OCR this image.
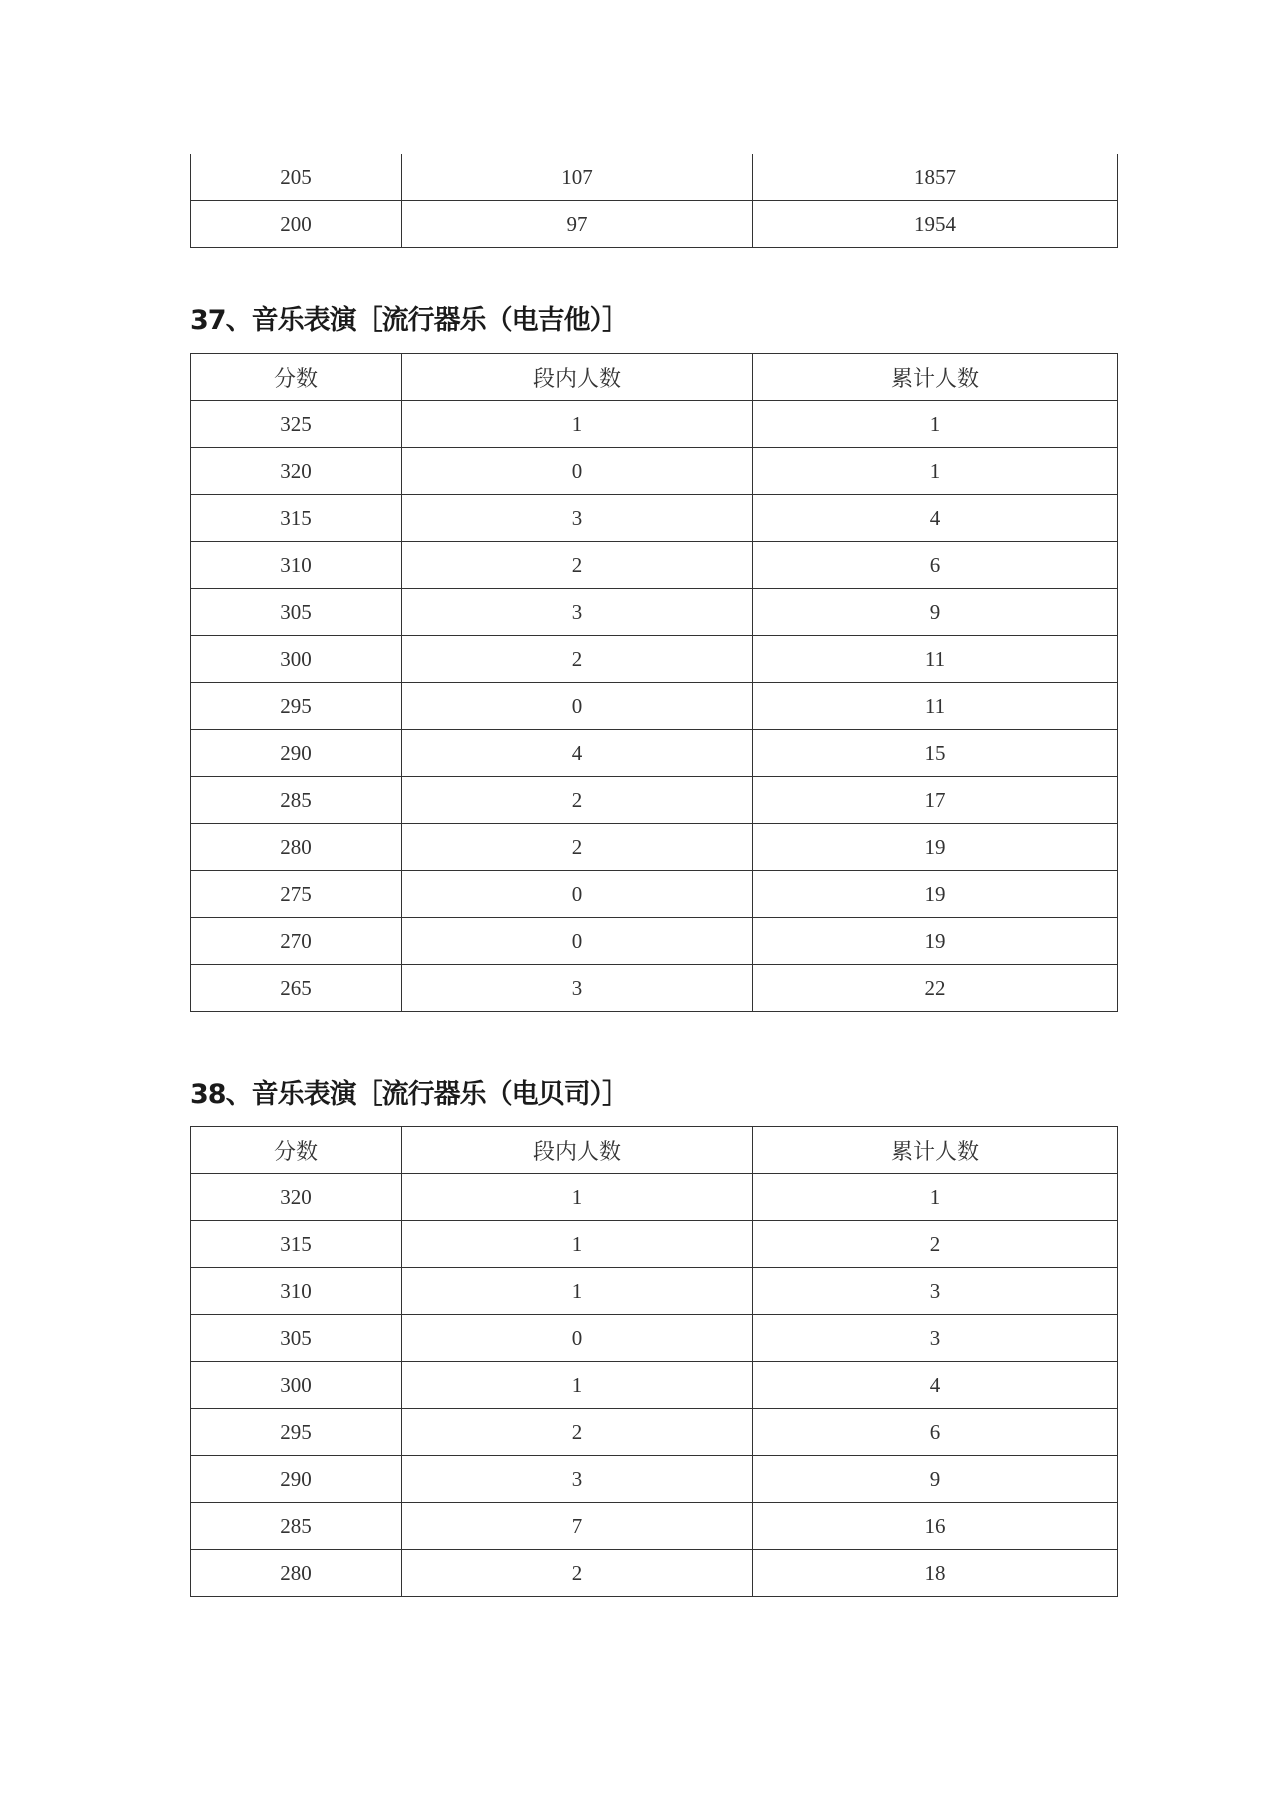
205	107	1857
200	97	1954
37、音乐表演［流行器乐（电吉他）］
分数	段内人数	累计人数
325	1	1
320	0	1
315	3	4
310	2	6
305	3	9
300	2	11
295	0	11
290	4	15
285	2	17
280	2	19
275	0	19
270	0	19
265	3	22
38、音乐表演［流行器乐（电贝司）］
分数	段内人数	累计人数
320	1	1
315	1	2
310	1	3
305	0	3
300	1	4
295	2	6
290	3	9
285	7	16
280	2	18
